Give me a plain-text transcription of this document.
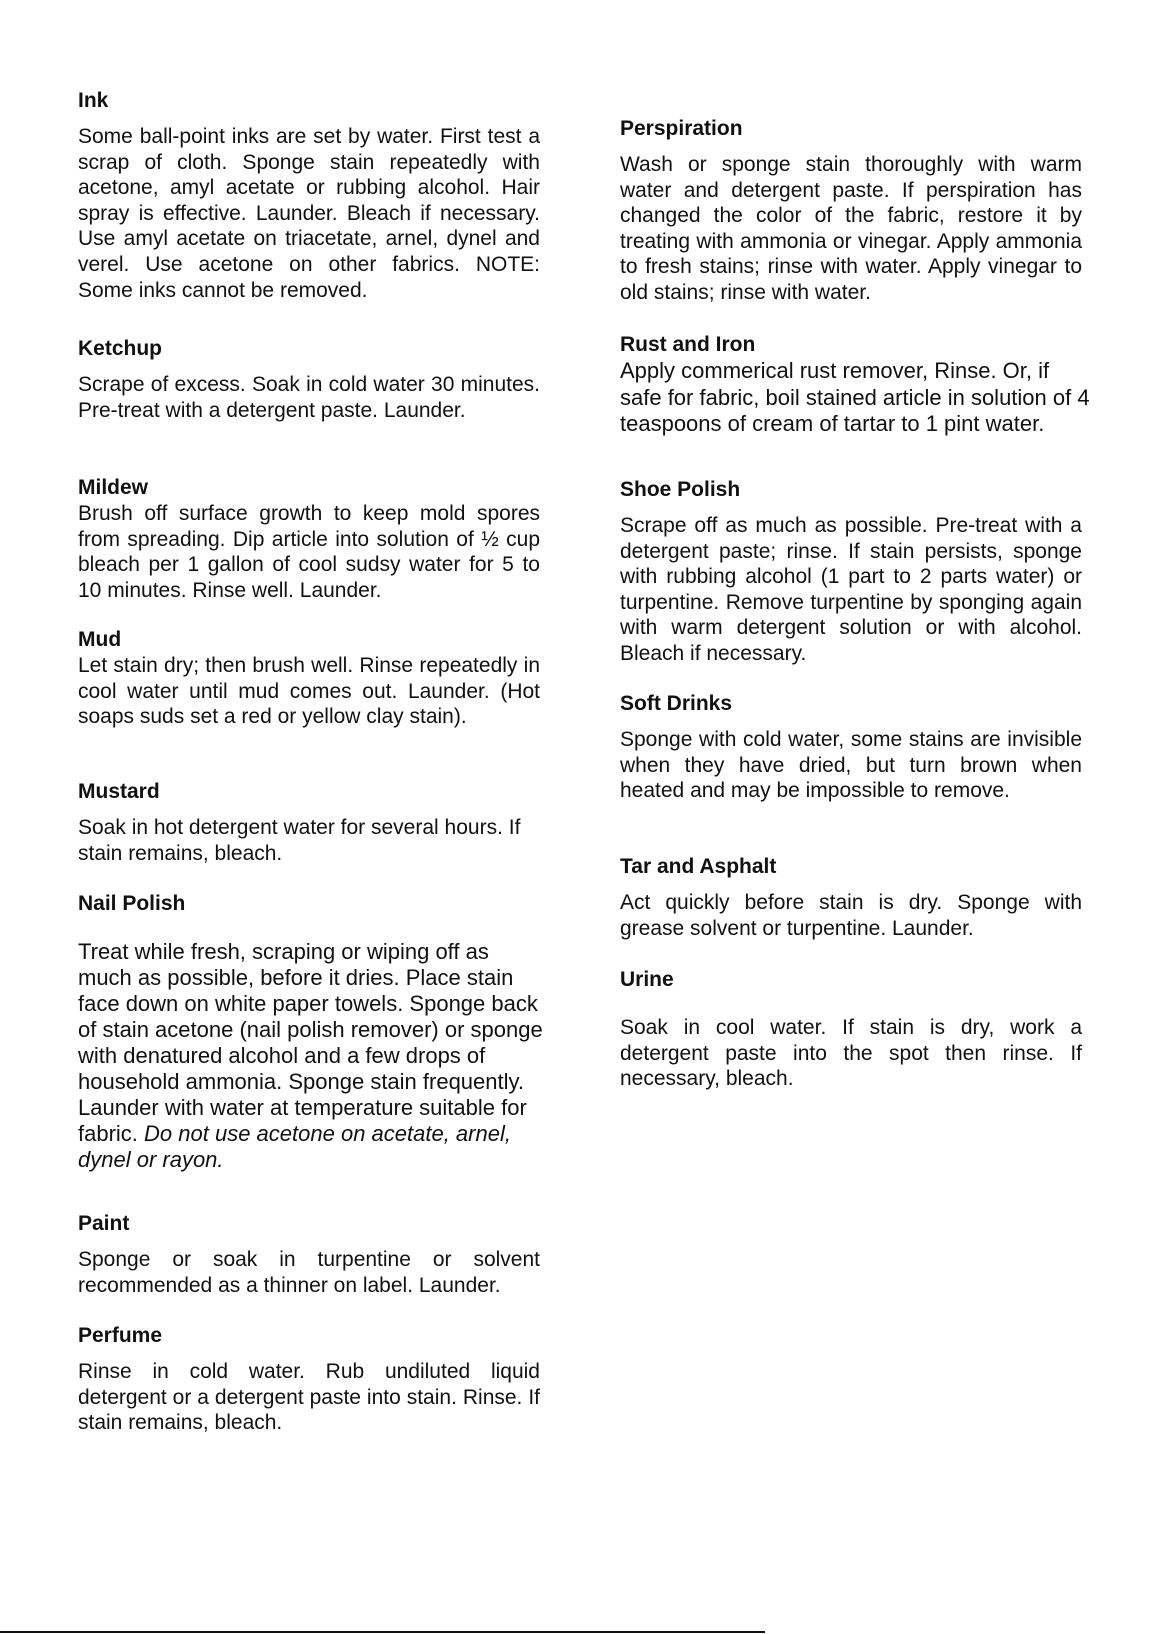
Ink

Some ball-point inks are set by water. First test a scrap of cloth. Sponge stain repeatedly with acetone, amyl acetate or rubbing alcohol. Hair spray is effective. Launder. Bleach if necessary. Use amyl acetate on triacetate, arnel, dynel and verel. Use acetone on other fabrics. NOTE: Some inks cannot be removed.

Ketchup

Scrape of excess. Soak in cold water 30 minutes. Pre-treat with a detergent paste. Launder.

Mildew

Brush off surface growth to keep mold spores from spreading. Dip article into solution of ½ cup bleach per 1 gallon of cool sudsy water for 5 to 10 minutes. Rinse well. Launder.

Mud

Let stain dry; then brush well. Rinse repeatedly in cool water until mud comes out. Launder. (Hot soaps suds set a red or yellow clay stain).

Mustard

Soak in hot detergent water for several hours. If stain remains, bleach.

Nail Polish

Treat while fresh, scraping or wiping off as much as possible, before it dries. Place stain face down on white paper towels. Sponge back of stain acetone (nail polish remover) or sponge with denatured alcohol and a few drops of household ammonia. Sponge stain frequently. Launder with water at temperature suitable for fabric. Do not use acetone on acetate, arnel, dynel or rayon.

Paint

Sponge or soak in turpentine or solvent recommended as a thinner on label. Launder.

Perfume

Rinse in cold water. Rub undiluted liquid detergent or a detergent paste into stain. Rinse. If stain remains, bleach.

Perspiration

Wash or sponge stain thoroughly with warm water and detergent paste. If perspiration has changed the color of the fabric, restore it by treating with ammonia or vinegar. Apply ammonia to fresh stains; rinse with water. Apply vinegar to old stains; rinse with water.

Rust and Iron

Apply commerical rust remover, Rinse. Or, if safe for fabric, boil stained article in solution of 4 teaspoons of cream of tartar to 1 pint water.

Shoe Polish

Scrape off as much as possible. Pre-treat with a detergent paste; rinse. If stain persists, sponge with rubbing alcohol (1 part to 2 parts water) or turpentine. Remove turpentine by sponging again with warm detergent solution or with alcohol. Bleach if necessary.

Soft Drinks

Sponge with cold water, some stains are invisible when they have dried, but turn brown when heated and may be impossible to remove.

Tar and Asphalt

Act quickly before stain is dry. Sponge with grease solvent or turpentine. Launder.

Urine

Soak in cool water. If stain is dry, work a detergent paste into the spot then rinse. If necessary, bleach.
